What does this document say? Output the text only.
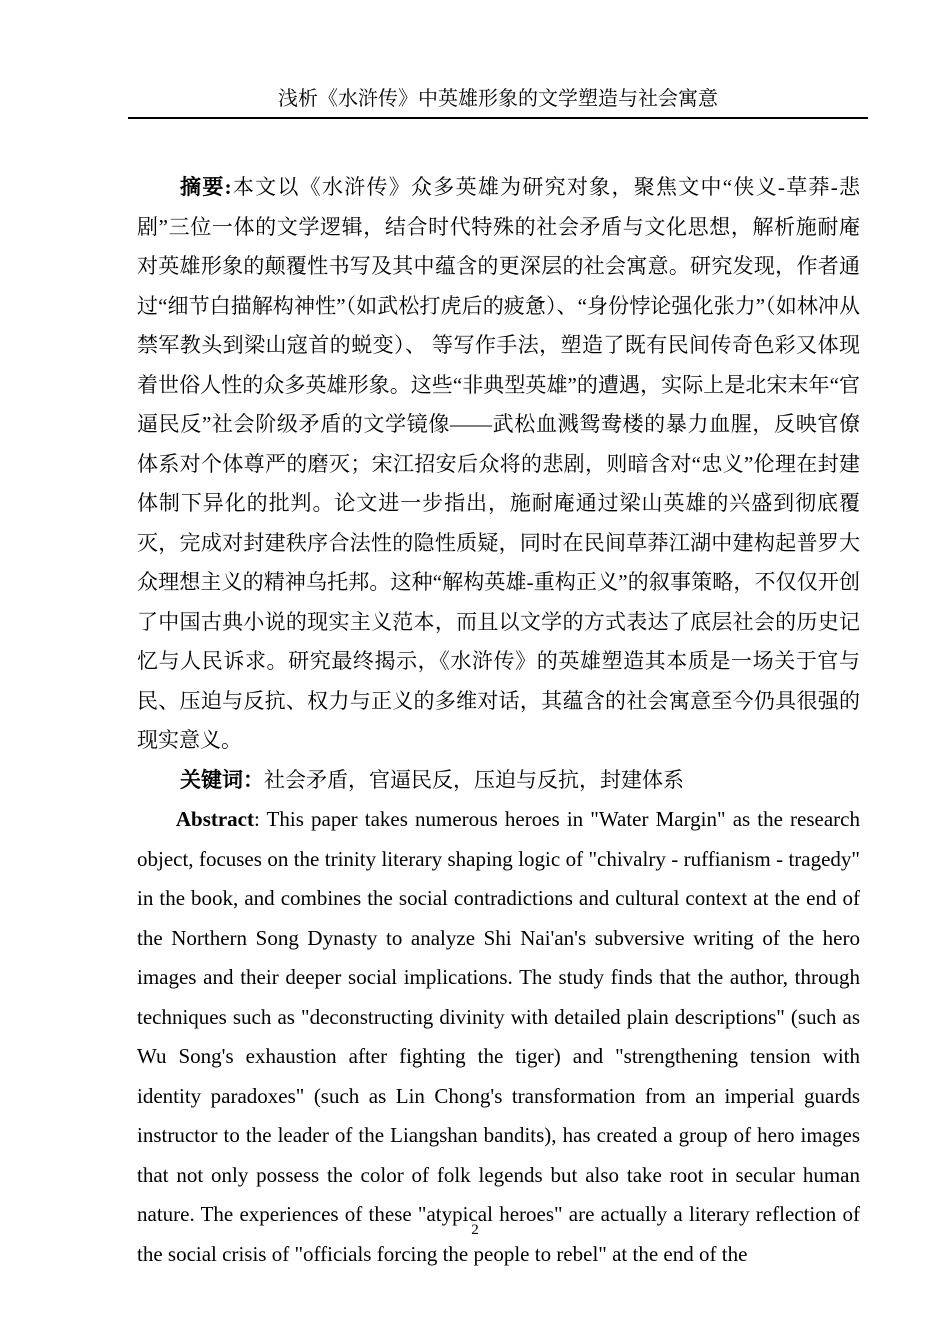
浅析《水浒传》中英雄形象的文学塑造与社会寓意

摘要:本文以《水浒传》众多英雄为研究对象，聚焦文中“侠义-草莽-悲剧”三位一体的文学逻辑，结合时代特殊的社会矛盾与文化思想，解析施耐庵对英雄形象的颠覆性书写及其中蕴含的更深层的社会寓意。研究发现，作者通过“细节白描解构神性”（如武松打虎后的疲惫）、“身份悖论强化张力”（如林冲从禁军教头到梁山寇首的蜕变）、 等写作手法，塑造了既有民间传奇色彩又体现着世俗人性的众多英雄形象。这些“非典型英雄”的遭遇，实际上是北宋末年“官逼民反”社会阶级矛盾的文学镜像——武松血溅鸳鸯楼的暴力血腥，反映官僚体系对个体尊严的磨灭；宋江招安后众将的悲剧，则暗含对“忠义”伦理在封建体制下异化的批判。论文进一步指出，施耐庵通过梁山英雄的兴盛到彻底覆灭，完成对封建秩序合法性的隐性质疑，同时在民间草莽江湖中建构起普罗大众理想主义的精神乌托邦。这种“解构英雄-重构正义”的叙事策略，不仅仅开创了中国古典小说的现实主义范本，而且以文学的方式表达了底层社会的历史记忆与人民诉求。研究最终揭示，《水浒传》的英雄塑造其本质是一场关于官与民、压迫与反抗、权力与正义的多维对话，其蕴含的社会寓意至今仍具很强的现实意义。

关键词：社会矛盾，官逼民反，压迫与反抗，封建体系

Abstract: This paper takes numerous heroes in "Water Margin" as the research object, focuses on the trinity literary shaping logic of "chivalry - ruffianism - tragedy" in the book, and combines the social contradictions and cultural context at the end of the Northern Song Dynasty to analyze Shi Nai'an's subversive writing of the hero images and their deeper social implications. The study finds that the author, through techniques such as "deconstructing divinity with detailed plain descriptions" (such as Wu Song's exhaustion after fighting the tiger) and "strengthening tension with identity paradoxes" (such as Lin Chong's transformation from an imperial guards instructor to the leader of the Liangshan bandits), has created a group of hero images that not only possess the color of folk legends but also take root in secular human nature. The experiences of these "atypical heroes" are actually a literary reflection of the social crisis of "officials forcing the people to rebel" at the end of the

2
